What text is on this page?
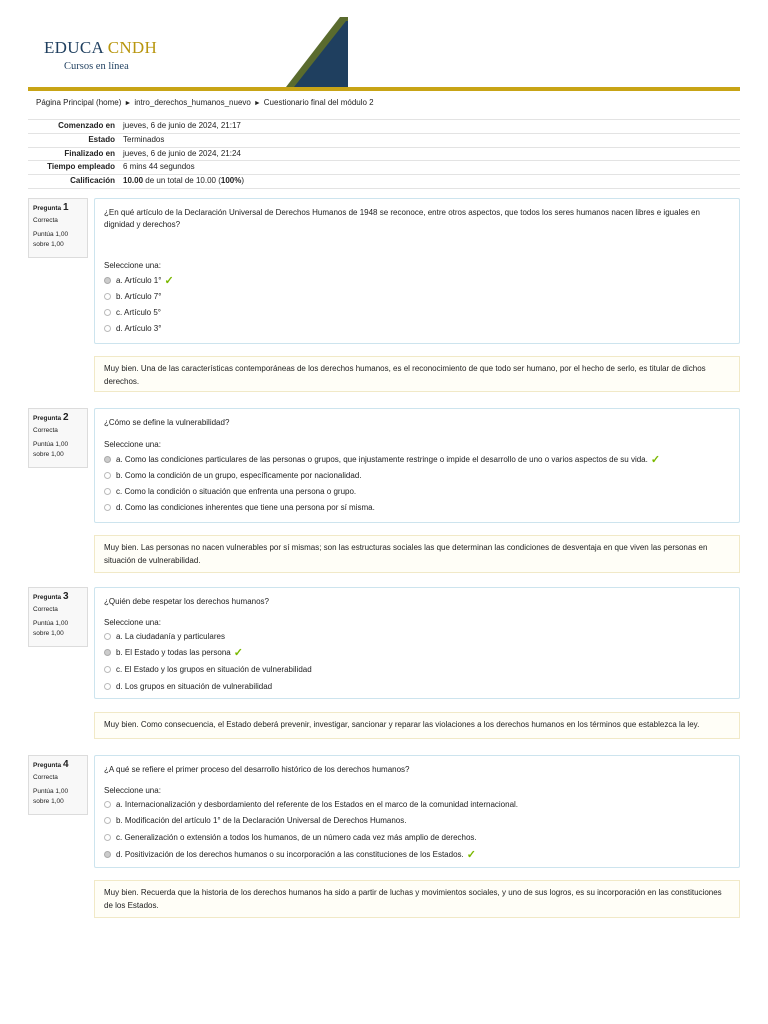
EDUCA CNDH
Cursos en línea
Página Principal (home) ► intro_derechos_humanos_nuevo ► Cuestionario final del módulo 2
Comenzado en	jueves, 6 de junio de 2024, 21:17
Estado	Terminados
Finalizado en	jueves, 6 de junio de 2024, 21:24
Tiempo empleado	6 mins 44 segundos
Calificación	10.00 de un total de 10.00 (100%)
Pregunta 1
Correcta
Puntúa 1,00 sobre 1,00
¿En qué artículo de la Declaración Universal de Derechos Humanos de 1948 se reconoce, entre otros aspectos, que todos los seres humanos nacen libres e iguales en dignidad y derechos?
Seleccione una:
a. Artículo 1° ✓
b. Artículo 7°
c. Artículo 5°
d. Artículo 3°
Muy bien. Una de las características contemporáneas de los derechos humanos, es el reconocimiento de que todo ser humano, por el hecho de serlo, es titular de dichos derechos.
Pregunta 2
Correcta
Puntúa 1,00 sobre 1,00
¿Cómo se define la vulnerabilidad?
Seleccione una:
a. Como las condiciones particulares de las personas o grupos, que injustamente restringe o impide el desarrollo de uno o varios aspectos de su vida. ✓
b. Como la condición de un grupo, específicamente por nacionalidad.
c. Como la condición o situación que enfrenta una persona o grupo.
d. Como las condiciones inherentes que tiene una persona por sí misma.
Muy bien. Las personas no nacen vulnerables por sí mismas; son las estructuras sociales las que determinan las condiciones de desventaja en que viven las personas en situación de vulnerabilidad.
Pregunta 3
Correcta
Puntúa 1,00 sobre 1,00
¿Quién debe respetar los derechos humanos?
Seleccione una:
a. La ciudadanía y particulares
b. El Estado y todas las persona ✓
c. El Estado y los grupos en situación de vulnerabilidad
d. Los grupos en situación de vulnerabilidad
Muy bien. Como consecuencia, el Estado deberá prevenir, investigar, sancionar y reparar las violaciones a los derechos humanos en los términos que establezca la ley.
Pregunta 4
Correcta
Puntúa 1,00 sobre 1,00
¿A qué se refiere el primer proceso del desarrollo histórico de los derechos humanos?
Seleccione una:
a. Internacionalización y desbordamiento del referente de los Estados en el marco de la comunidad internacional.
b. Modificación del artículo 1° de la Declaración Universal de Derechos Humanos.
c. Generalización o extensión a todos los humanos, de un número cada vez más amplio de derechos.
d. Positivización de los derechos humanos o su incorporación a las constituciones de los Estados. ✓
Muy bien. Recuerda que la historia de los derechos humanos ha sido a partir de luchas y movimientos sociales, y uno de sus logros, es su incorporación en las constituciones de los Estados.
